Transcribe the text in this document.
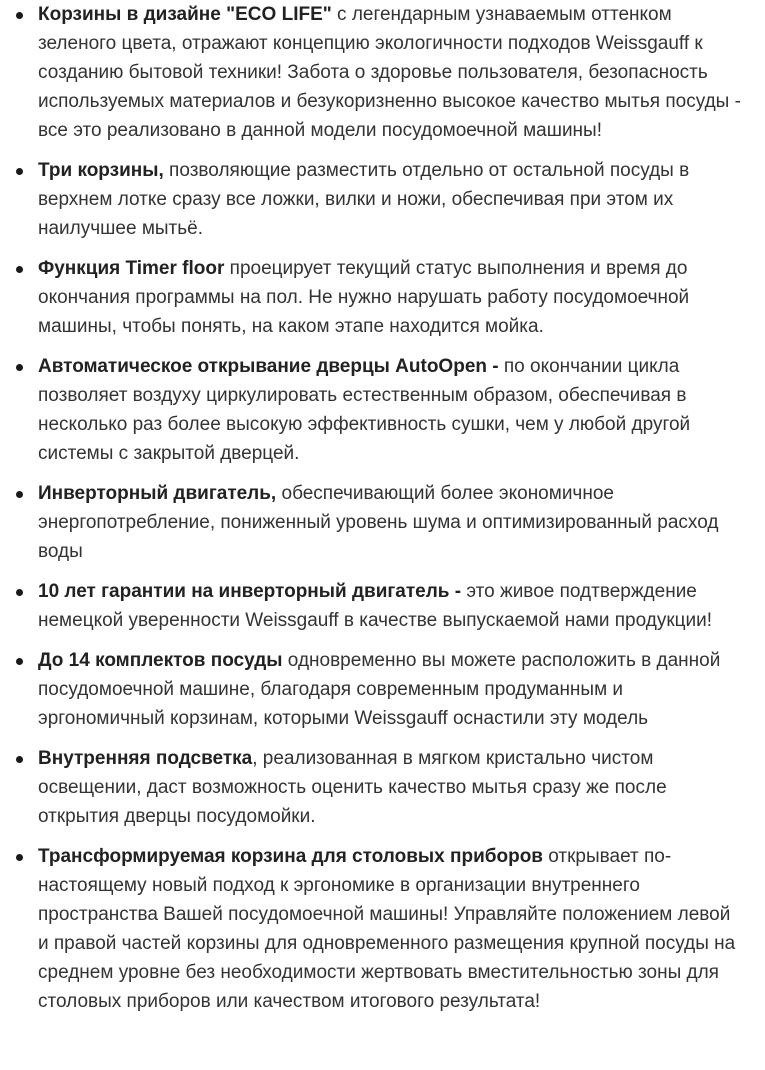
Корзины в дизайне "ECO LIFE" с легендарным узнаваемым оттенком зеленого цвета, отражают концепцию экологичности подходов Weissgauff к созданию бытовой техники! Забота о здоровье пользователя, безопасность используемых материалов и безукоризненно высокое качество мытья посуды - все это реализовано в данной модели посудомоечной машины!
Три корзины, позволяющие разместить отдельно от остальной посуды в верхнем лотке сразу все ложки, вилки и ножи, обеспечивая при этом их наилучшее мытьё.
Функция Timer floor проецирует текущий статус выполнения и время до окончания программы на пол. Не нужно нарушать работу посудомоечной машины, чтобы понять, на каком этапе находится мойка.
Автоматическое открывание дверцы AutoOpen - по окончании цикла позволяет воздуху циркулировать естественным образом, обеспечивая в несколько раз более высокую эффективность сушки, чем у любой другой системы с закрытой дверцей.
Инверторный двигатель, обеспечивающий более экономичное энергопотребление, пониженный уровень шума и оптимизированный расход воды
10 лет гарантии на инверторный двигатель - это живое подтверждение немецкой уверенности Weissgauff в качестве выпускаемой нами продукции!
До 14 комплектов посуды одновременно вы можете расположить в данной посудомоечной машине, благодаря современным продуманным и эргономичный корзинам, которыми Weissgauff оснастили эту модель
Внутренняя подсветка, реализованная в мягком кристально чистом освещении, даст возможность оценить качество мытья сразу же после открытия дверцы посудомойки.
Трансформируемая корзина для столовых приборов открывает по-настоящему новый подход к эргономике в организации внутреннего пространства Вашей посудомоечной машины! Управляйте положением левой и правой частей корзины для одновременного размещения крупной посуды на среднем уровне без необходимости жертвовать вместительностью зоны для столовых приборов или качеством итогового результата!
